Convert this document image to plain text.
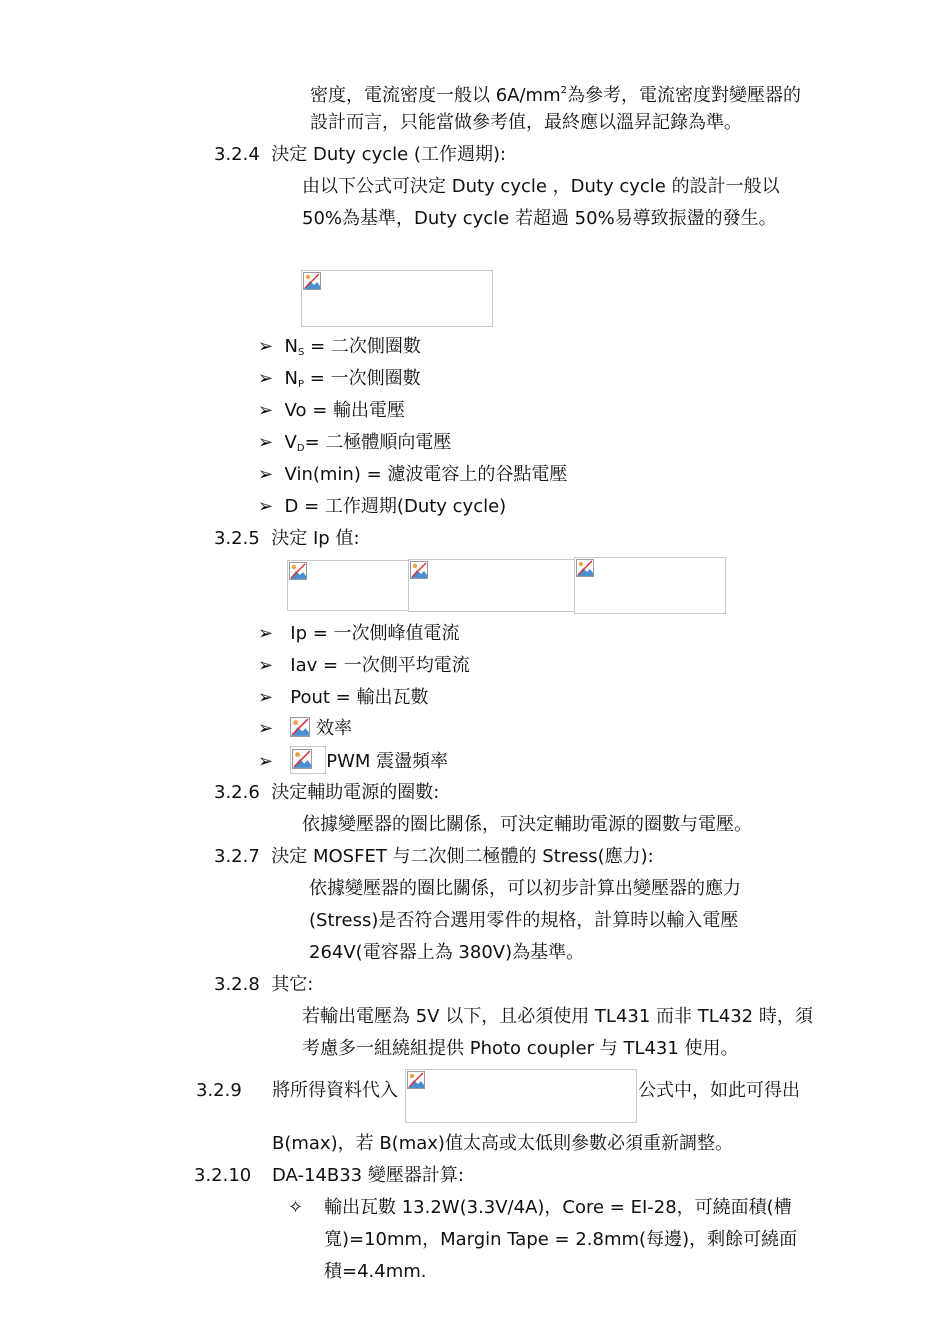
密度，電流密度一般以 $6A/mm^2$為參考，電流密度對變壓器的
設計而言，只能當做參考值，最終應以溫昇記錄為準。
3.2.4 決定 Duty cycle (工作週期):
由以下公式可決定 Duty cycle ，Duty cycle 的設計一般以
50%為基準，Duty cycle 若超過 50%易導致振盪的發生。
➢ $N_S$ = 二次側圈數
➢ $N_P$ = 一次側圈數
➢ Vo = 輸出電壓
➢ $V_D=$ 二極體順向電壓
➢ Vin(min) = 濾波電容上的谷點電壓
➢ D = 工作週期(Duty cycle)
3.2.5 決定 Ip 值:
➢ Ip = 一次側峰值電流
➢ Iav = 一次側平均電流
➢ Pout = 輸出瓦數
➢ 效率
➢	PWM 震盪頻率
3.2.6 決定輔助電源的圈數:
依據變壓器的圈比關係，可決定輔助電源的圈數与電壓。
3.2.7 決定 MOSFET 与二次側二極體的 Stress(應力):
依據變壓器的圈比關係，可以初步計算出變壓器的應力
(Stress)是否符合選用零件的規格，計算時以輸入電壓
264V(電容器上為 380V)為基準。
3.2.8 其它:
若輸出電壓為 5V 以下，且必須使用 TL431 而非 TL432 時，須
考慮多一組繞組提供 Photo coupler 与 TL431 使用。
3.2.9 將所得資料代入	公式中，如此可得出
B(max)，若 B(max)值太高或太低則參數必須重新調整。
3.2.10 DA-14B33 變壓器計算:
✧ 輸出瓦數 13.2W(3.3V/4A)，Core = EI-28，可繞面積(槽
寬)=10mm，Margin Tape = 2.8mm(每邊)，剩餘可繞面
積=4.4mm.
